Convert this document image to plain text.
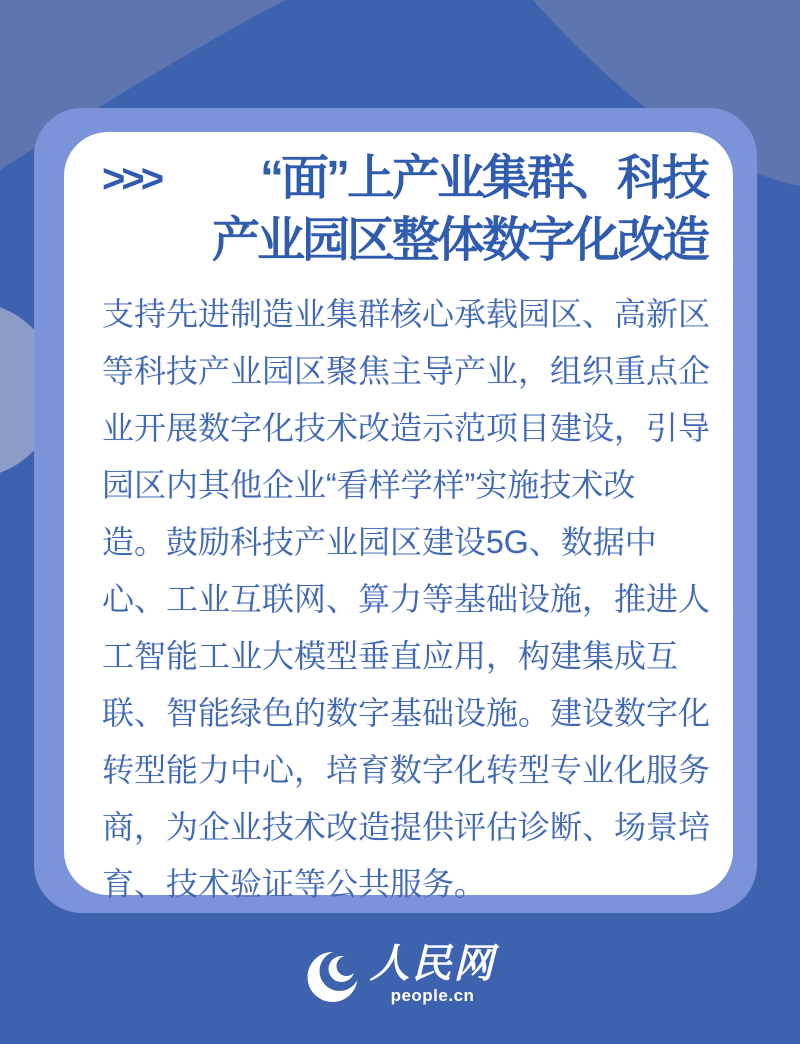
>>>	“面”上产业集群、科技
产业园区整体数字化改造
支持先进制造业集群核心承载园区、高新区
等科技产业园区聚焦主导产业，组织重点企
业开展数字化技术改造示范项目建设，引导
园区内其他企业“看样学样”实施技术改
造。鼓励科技产业园区建设5G、数据中
心、工业互联网、算力等基础设施，推进人
工智能工业大模型垂直应用，构建集成互
联、智能绿色的数字基础设施。建设数字化
转型能力中心，培育数字化转型专业化服务
商，为企业技术改造提供评估诊断、场景培
育、技术验证等公共服务。
人民网
people.cn
